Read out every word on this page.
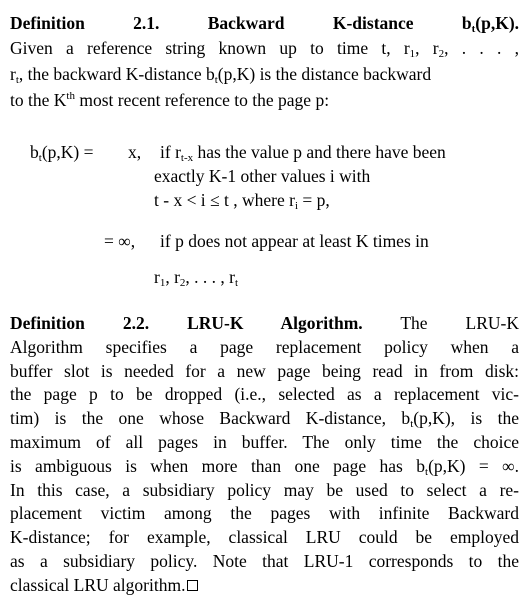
Definition 2.1.	Backward K-distance	$b_t(p,K)$.
Given a reference string known up to time t, $r_1$, $r_2$, . . . ,
$r_t$, the backward K-distance $b_t(p,K)$ is the distance backward
to the $K^{th}$ most recent reference to the page p:
$b_t(p,K) = x$, if $r_{t-x}$ has the value p and there have been
exactly K-1 other values i with
t - x < i ≤ t , where $r_i = p$,
= ∞, if p does not appear at least K times in
$r_1$, $r_2$, . . . , $r_t$
Definition 2.2. LRU-K Algorithm. The LRU-K
Algorithm specifies a page replacement policy when a
buffer slot is needed for a new page being read in from disk:
the page p to be dropped (i.e., selected as a replacement vic-
tim) is the one whose Backward K-distance, $b_t(p,K)$, is the
maximum of all pages in buffer. The only time the choice
is ambiguous is when more than one page has $b_t(p,K)$ = ∞.
In this case, a subsidiary policy may be used to select a re-
placement victim among the pages with infinite Backward
K-distance; for example, classical LRU could be employed
as a subsidiary policy. Note that LRU-1 corresponds to the
classical LRU algorithm.
